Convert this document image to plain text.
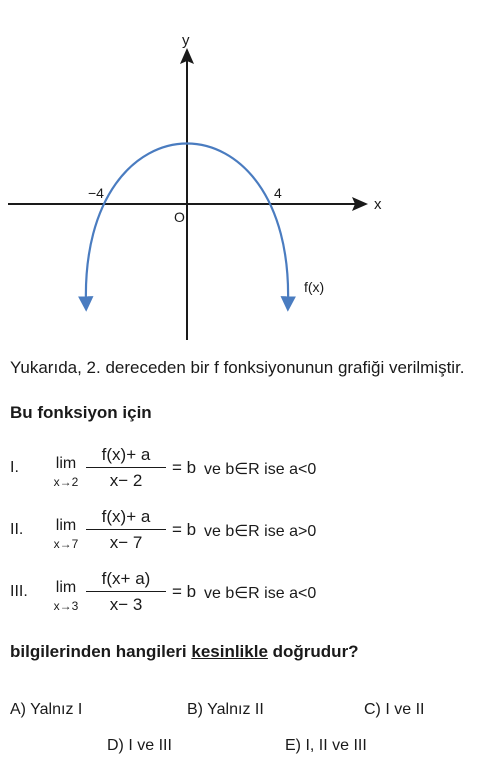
y
x
O
−4	4
f(x)
Yukarıda, 2. dereceden bir f fonksiyonunun grafiği verilmiştir.
Bu fonksiyon için
I.	lim
x→2
f(x)+ a
x− 2
= b ve b∈R ise a<0
II.	lim
x→7
f(x)+ a
x− 7
= b ve b∈R ise a>0
III.	lim
x→3
f(x+ a)
x− 3
= b ve b∈R ise a<0
bilgilerinden hangileri kesinlikle doğrudur?
A) Yalnız I	B) Yalnız II	C) I ve II
D) I ve III	E) I, II ve III
